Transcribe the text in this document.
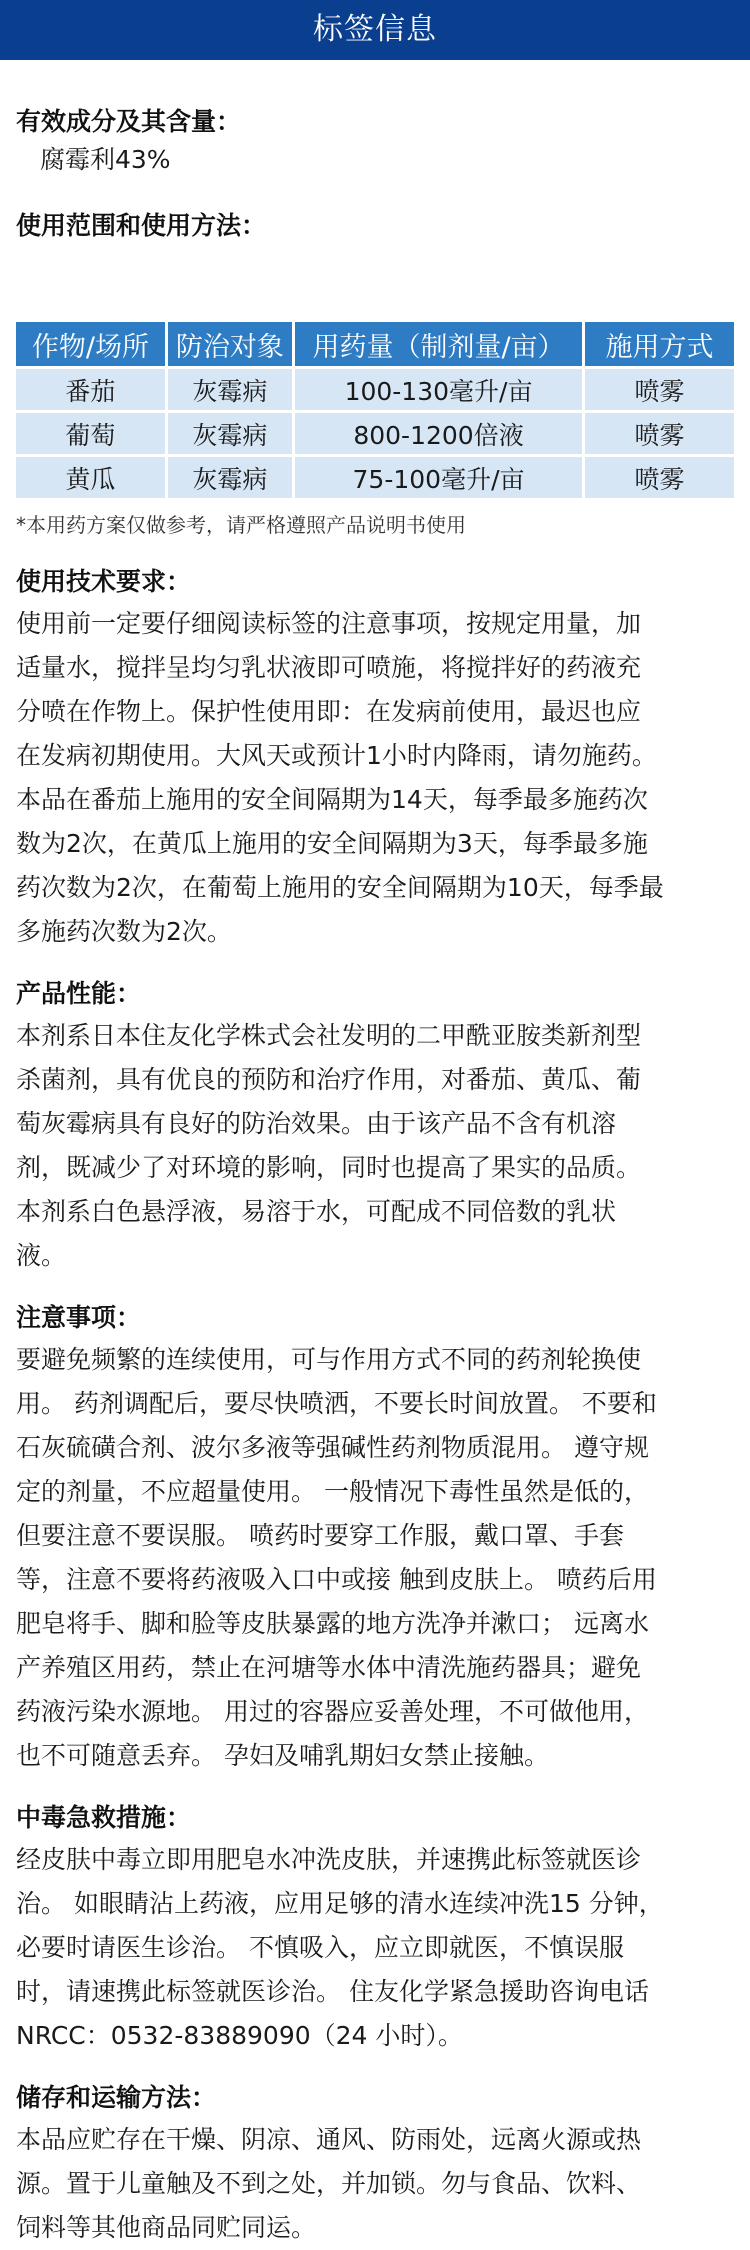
标签信息
有效成分及其含量：
腐霉利43%
使用范围和使用方法：
作物/场所	防治对象	用药量（制剂量/亩）	施用方式
番茄	灰霉病	100-130毫升/亩	喷雾
葡萄	灰霉病	800-1200倍液	喷雾
黄瓜	灰霉病	75-100毫升/亩	喷雾
*本用药方案仅做参考，请严格遵照产品说明书使用
使用技术要求：
使用前一定要仔细阅读标签的注意事项，按规定用量，加
适量水，搅拌呈均匀乳状液即可喷施，将搅拌好的药液充
分喷在作物上。保护性使用即：在发病前使用，最迟也应
在发病初期使用。大风天或预计1小时内降雨，请勿施药。
本品在番茄上施用的安全间隔期为14天，每季最多施药次
数为2次，在黄瓜上施用的安全间隔期为3天，每季最多施
药次数为2次，在葡萄上施用的安全间隔期为10天，每季最
多施药次数为2次。
产品性能：
本剂系日本住友化学株式会社发明的二甲酰亚胺类新剂型
杀菌剂，具有优良的预防和治疗作用，对番茄、黄瓜、葡
萄灰霉病具有良好的防治效果。由于该产品不含有机溶
剂，既减少了对环境的影响，同时也提高了果实的品质。
本剂系白色悬浮液，易溶于水，可配成不同倍数的乳状
液。
注意事项：
要避免频繁的连续使用，可与作用方式不同的药剂轮换使
用。 药剂调配后，要尽快喷洒，不要长时间放置。 不要和
石灰硫磺合剂、波尔多液等强碱性药剂物质混用。 遵守规
定的剂量，不应超量使用。 一般情况下毒性虽然是低的，
但要注意不要误服。 喷药时要穿工作服，戴口罩、手套
等，注意不要将药液吸入口中或接 触到皮肤上。 喷药后用
肥皂将手、脚和脸等皮肤暴露的地方洗净并漱口； 远离水
产养殖区用药，禁止在河塘等水体中清洗施药器具；避免
药液污染水源地。 用过的容器应妥善处理，不可做他用，
也不可随意丢弃。 孕妇及哺乳期妇女禁止接触。
中毒急救措施：
经皮肤中毒立即用肥皂水冲洗皮肤，并速携此标签就医诊
治。 如眼睛沾上药液，应用足够的清水连续冲洗15 分钟，
必要时请医生诊治。 不慎吸入，应立即就医，不慎误服
时，请速携此标签就医诊治。 住友化学紧急援助咨询电话
NRCC：0532-83889090（24 小时）。
储存和运输方法：
本品应贮存在干燥、阴凉、通风、防雨处，远离火源或热
源。置于儿童触及不到之处，并加锁。勿与食品、饮料、
饲料等其他商品同贮同运。
